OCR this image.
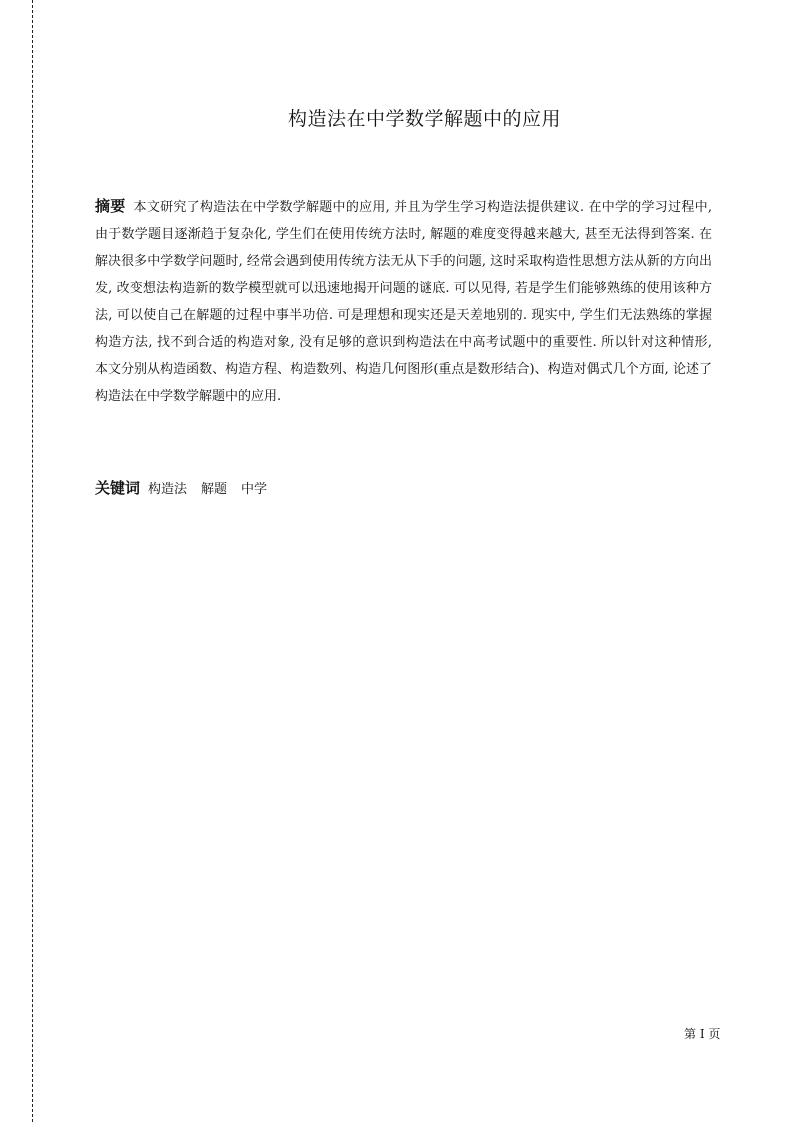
构造法在中学数学解题中的应用

摘要 本文研究了构造法在中学数学解题中的应用, 并且为学生学习构造法提供建议. 在中学的学习过程中, 由于数学题目逐渐趋于复杂化, 学生们在使用传统方法时, 解题的难度变得越来越大, 甚至无法得到答案. 在解决很多中学数学问题时, 经常会遇到使用传统方法无从下手的问题, 这时采取构造性思想方法从新的方向出发, 改变想法构造新的数学模型就可以迅速地揭开问题的谜底. 可以见得, 若是学生们能够熟练的使用该种方法, 可以使自己在解题的过程中事半功倍. 可是理想和现实还是天差地别的. 现实中, 学生们无法熟练的掌握构造方法, 找不到合适的构造对象, 没有足够的意识到构造法在中高考试题中的重要性. 所以针对这种情形, 本文分别从构造函数、构造方程、构造数列、构造几何图形(重点是数形结合)、构造对偶式几个方面, 论述了构造法在中学数学解题中的应用.

关键词 构造法 解题 中学

第 I 页
